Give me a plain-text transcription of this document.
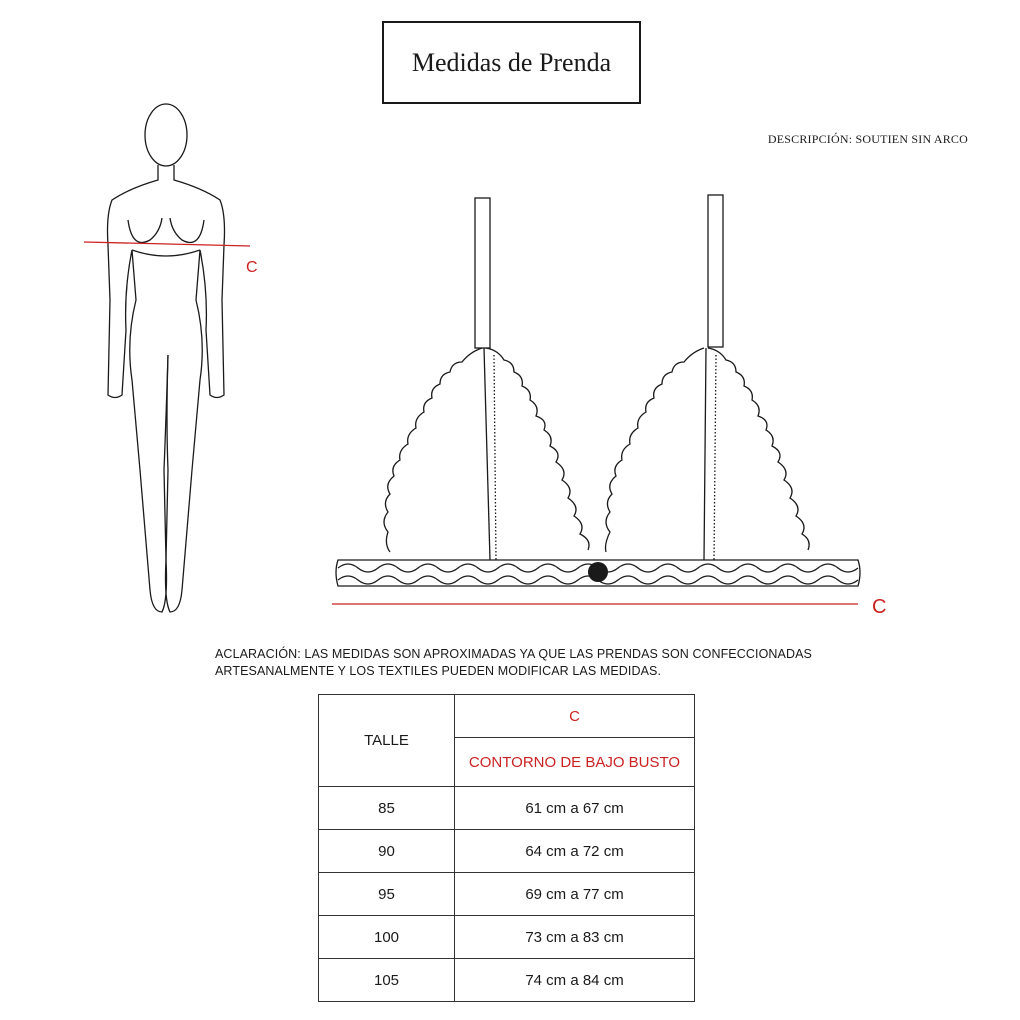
Medidas de Prenda
DESCRIPCIÓN: SOUTIEN SIN ARCO
C
C
ACLARACIÓN: LAS MEDIDAS SON APROXIMADAS YA QUE LAS PRENDAS SON CONFECCIONADAS ARTESANALMENTE Y LOS TEXTILES PUEDEN MODIFICAR LAS MEDIDAS.
TALLE	C
	CONTORNO DE BAJO BUSTO
85	61 cm a 67 cm
90	64 cm a 72 cm
95	69 cm a 77 cm
100	73 cm a 83 cm
105	74 cm a 84 cm
